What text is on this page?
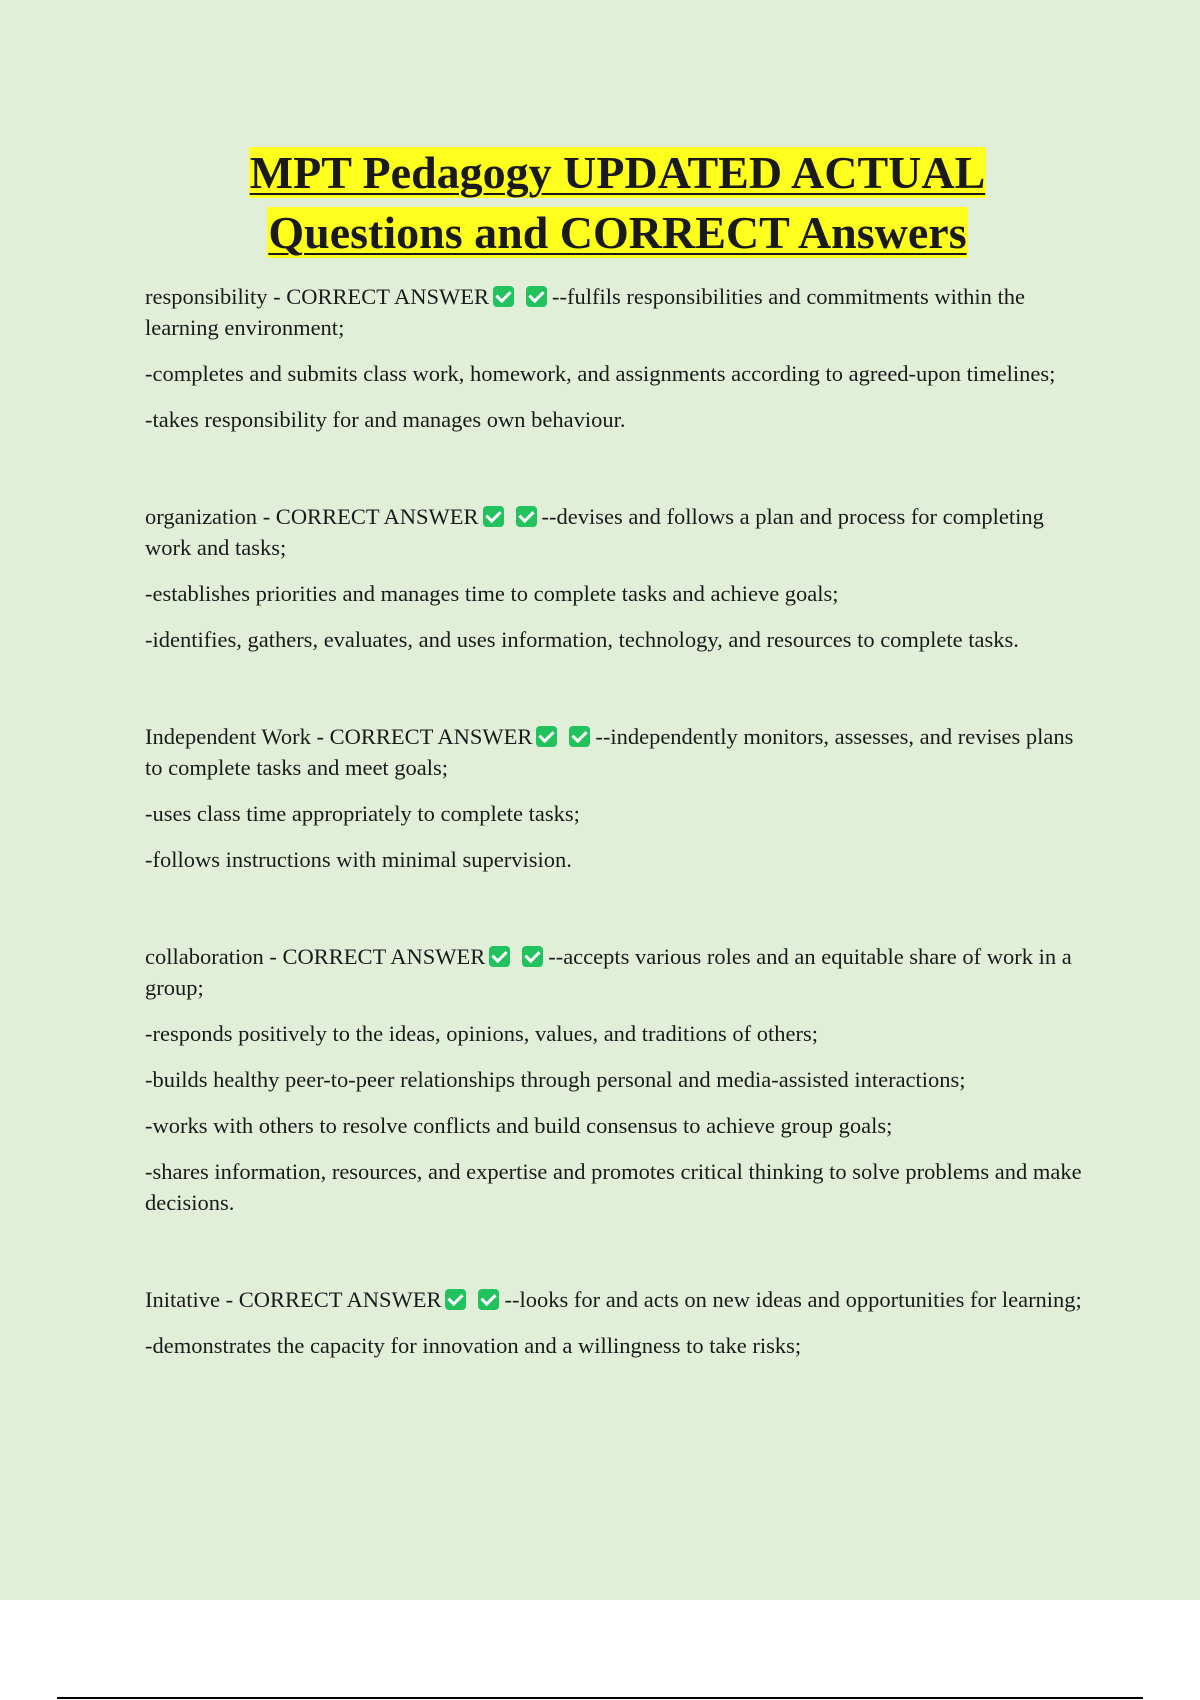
MPT Pedagogy UPDATED ACTUAL
Questions and CORRECT Answers

responsibility - CORRECT ANSWER	--fulfils responsibilities and commitments within the learning environment;

-completes and submits class work, homework, and assignments according to agreed-upon timelines;

-takes responsibility for and manages own behaviour.

organization - CORRECT ANSWER	--devises and follows a plan and process for completing work and tasks;

-establishes priorities and manages time to complete tasks and achieve goals;

-identifies, gathers, evaluates, and uses information, technology, and resources to complete tasks.

Independent Work - CORRECT ANSWER	--independently monitors, assesses, and revises plans to complete tasks and meet goals;

-uses class time appropriately to complete tasks;

-follows instructions with minimal supervision.

collaboration - CORRECT ANSWER	--accepts various roles and an equitable share of work in a group;

-responds positively to the ideas, opinions, values, and traditions of others;

-builds healthy peer-to-peer relationships through personal and media-assisted interactions;

-works with others to resolve conflicts and build consensus to achieve group goals;

-shares information, resources, and expertise and promotes critical thinking to solve problems and make decisions.

Initative - CORRECT ANSWER	--looks for and acts on new ideas and opportunities for learning;

-demonstrates the capacity for innovation and a willingness to take risks;
